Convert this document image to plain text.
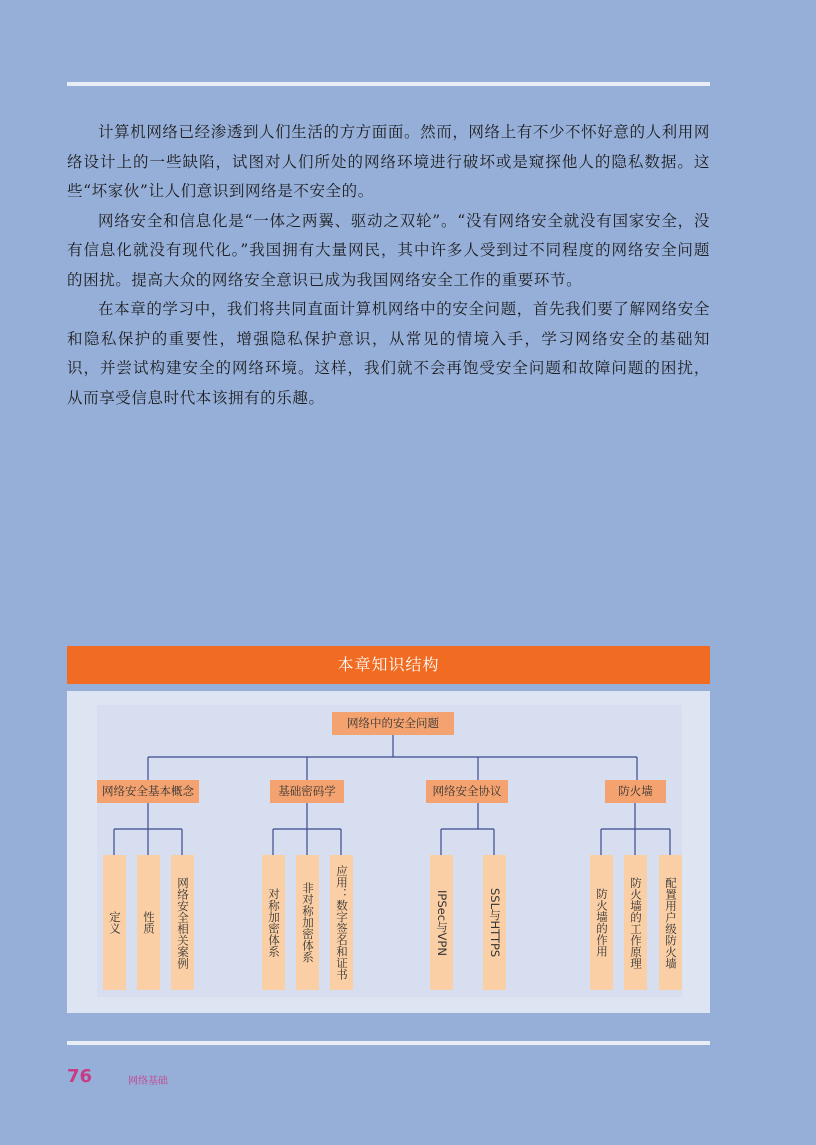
计算机网络已经渗透到人们生活的方方面面。然而，网络上有不少不怀好意的人利用网络设计上的一些缺陷，试图对人们所处的网络环境进行破坏或是窥探他人的隐私数据。这些“坏家伙”让人们意识到网络是不安全的。

网络安全和信息化是“一体之两翼、驱动之双轮”。“没有网络安全就没有国家安全，没有信息化就没有现代化。”我国拥有大量网民，其中许多人受到过不同程度的网络安全问题的困扰。提高大众的网络安全意识已成为我国网络安全工作的重要环节。

在本章的学习中，我们将共同直面计算机网络中的安全问题，首先我们要了解网络安全和隐私保护的重要性，增强隐私保护意识，从常见的情境入手，学习网络安全的基础知识，并尝试构建安全的网络环境。这样，我们就不会再饱受安全问题和故障问题的困扰，从而享受信息时代本该拥有的乐趣。

本章知识结构
网络中的安全问题
网络安全基本概念	基础密码学	网络安全协议	防火墙
定义	性质	网络安全相关案例	对称加密体系	非对称加密体系	应用：数字签名和证书	IPSec与VPN	SSL与HTTPS	防火墙的作用	防火墙的工作原理	配置用户级防火墙
76	网络基础
